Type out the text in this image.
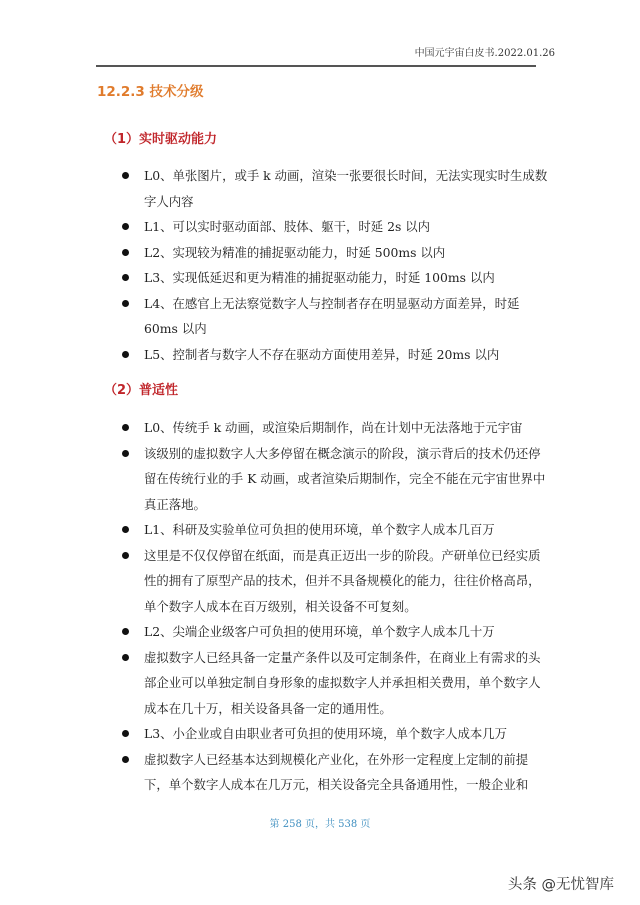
中国元宇宙白皮书.2022.01.26
12.2.3 技术分级
（1）实时驱动能力
L0、单张图片，或手 k 动画，渲染一张要很长时间，无法实现实时生成数字人内容
L1、可以实时驱动面部、肢体、躯干，时延 2s 以内
L2、实现较为精准的捕捉驱动能力，时延 500ms 以内
L3、实现低延迟和更为精准的捕捉驱动能力，时延 100ms 以内
L4、在感官上无法察觉数字人与控制者存在明显驱动方面差异，时延 60ms 以内
L5、控制者与数字人不存在驱动方面使用差异，时延 20ms 以内
（2）普适性
L0、传统手 k 动画，或渲染后期制作，尚在计划中无法落地于元宇宙
该级别的虚拟数字人大多停留在概念演示的阶段，演示背后的技术仍还停留在传统行业的手 K 动画，或者渲染后期制作，完全不能在元宇宙世界中真正落地。
L1、科研及实验单位可负担的使用环境，单个数字人成本几百万
这里是不仅仅停留在纸面，而是真正迈出一步的阶段。产研单位已经实质性的拥有了原型产品的技术，但并不具备规模化的能力，往往价格高昂，单个数字人成本在百万级别，相关设备不可复刻。
L2、尖端企业级客户可负担的使用环境，单个数字人成本几十万
虚拟数字人已经具备一定量产条件以及可定制条件，在商业上有需求的头部企业可以单独定制自身形象的虚拟数字人并承担相关费用，单个数字人成本在几十万，相关设备具备一定的通用性。
L3、小企业或自由职业者可负担的使用环境，单个数字人成本几万
虚拟数字人已经基本达到规模化产业化，在外形一定程度上定制的前提下，单个数字人成本在几万元，相关设备完全具备通用性，一般企业和
第 258 页，共 538 页
头条 @无忧智库
